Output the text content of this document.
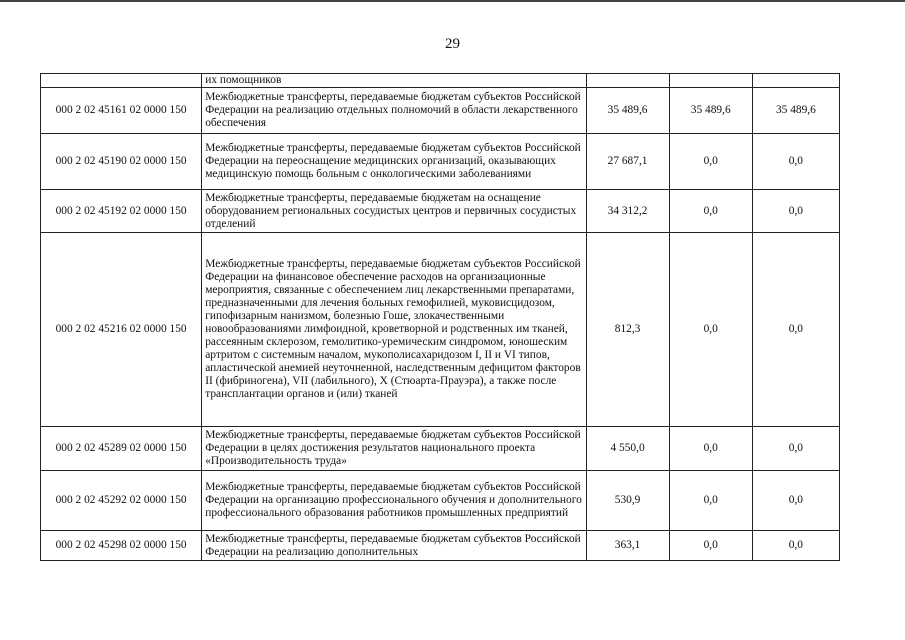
29
	их помощников			
000 2 02 45161 02 0000 150	Межбюджетные трансферты, передаваемые бюджетам субъектов Российской Федерации на реализацию отдельных полномочий в области лекарственного обеспечения	35 489,6	35 489,6	35 489,6
000 2 02 45190 02 0000 150	Межбюджетные трансферты, передаваемые бюджетам субъектов Российской Федерации на переоснащение медицинских организаций, оказывающих медицинскую помощь больным с онкологическими заболеваниями	27 687,1	0,0	0,0
000 2 02 45192 02 0000 150	Межбюджетные трансферты, передаваемые бюджетам на оснащение оборудованием региональных сосудистых центров и первичных сосудистых отделений	34 312,2	0,0	0,0
000 2 02 45216 02 0000 150	Межбюджетные трансферты, передаваемые бюджетам субъектов Российской Федерации на финансовое обеспечение расходов на организационные мероприятия, связанные с обеспечением лиц лекарственными препаратами, предназначенными для лечения больных гемофилией, муковисцидозом, гипофизарным нанизмом, болезнью Гоше, злокачественными новообразованиями лимфоидной, кроветворной и родственных им тканей, рассеянным склерозом, гемолитико-уремическим синдромом, юношеским артритом с системным началом, мукополисахаридозом I, II и VI типов, апластической анемией неуточненной, наследственным дефицитом факторов II (фибриногена), VII (лабильного), X (Стюарта-Прауэра), а также после трансплантации органов и (или) тканей	812,3	0,0	0,0
000 2 02 45289 02 0000 150	Межбюджетные трансферты, передаваемые бюджетам субъектов Российской Федерации в целях достижения результатов национального проекта «Производительность труда»	4 550,0	0,0	0,0
000 2 02 45292 02 0000 150	Межбюджетные трансферты, передаваемые бюджетам субъектов Российской Федерации на организацию профессионального обучения и дополнительного профессионального образования работников промышленных предприятий	530,9	0,0	0,0
000 2 02 45298 02 0000 150	Межбюджетные трансферты, передаваемые бюджетам субъектов Российской Федерации на реализацию дополнительных	363,1	0,0	0,0
